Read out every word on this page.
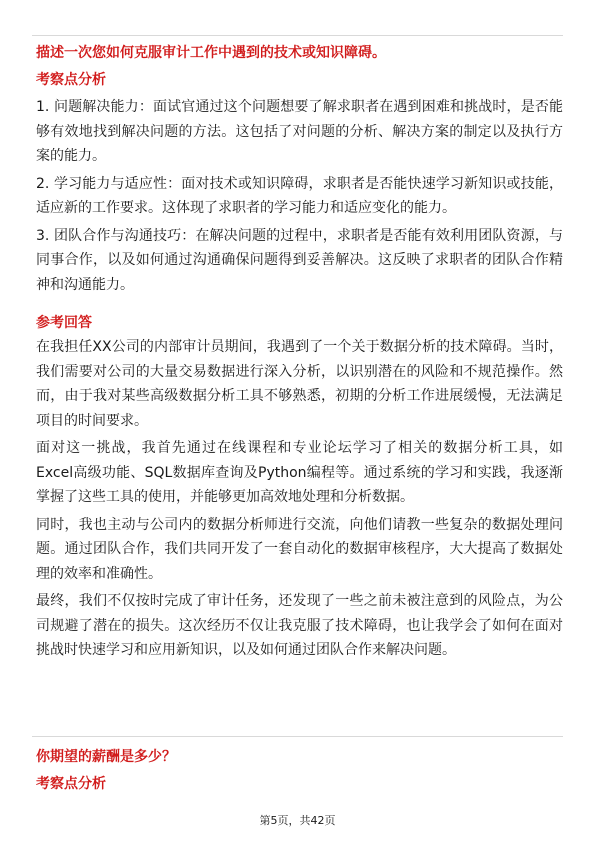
描述一次您如何克服审计工作中遇到的技术或知识障碍。

考察点分析

1. 问题解决能力：面试官通过这个问题想要了解求职者在遇到困难和挑战时，是否能够有效地找到解决问题的方法。这包括了对问题的分析、解决方案的制定以及执行方案的能力。

2. 学习能力与适应性：面对技术或知识障碍，求职者是否能快速学习新知识或技能，适应新的工作要求。这体现了求职者的学习能力和适应变化的能力。

3. 团队合作与沟通技巧：在解决问题的过程中，求职者是否能有效利用团队资源，与同事合作，以及如何通过沟通确保问题得到妥善解决。这反映了求职者的团队合作精神和沟通能力。

参考回答

在我担任XX公司的内部审计员期间，我遇到了一个关于数据分析的技术障碍。当时，我们需要对公司的大量交易数据进行深入分析，以识别潜在的风险和不规范操作。然而，由于我对某些高级数据分析工具不够熟悉，初期的分析工作进展缓慢，无法满足项目的时间要求。

面对这一挑战，我首先通过在线课程和专业论坛学习了相关的数据分析工具，如Excel高级功能、SQL数据库查询及Python编程等。通过系统的学习和实践，我逐渐掌握了这些工具的使用，并能够更加高效地处理和分析数据。

同时，我也主动与公司内的数据分析师进行交流，向他们请教一些复杂的数据处理问题。通过团队合作，我们共同开发了一套自动化的数据审核程序，大大提高了数据处理的效率和准确性。

最终，我们不仅按时完成了审计任务，还发现了一些之前未被注意到的风险点，为公司规避了潜在的损失。这次经历不仅让我克服了技术障碍，也让我学会了如何在面对挑战时快速学习和应用新知识，以及如何通过团队合作来解决问题。

你期望的薪酬是多少？

考察点分析

第5页，共42页
